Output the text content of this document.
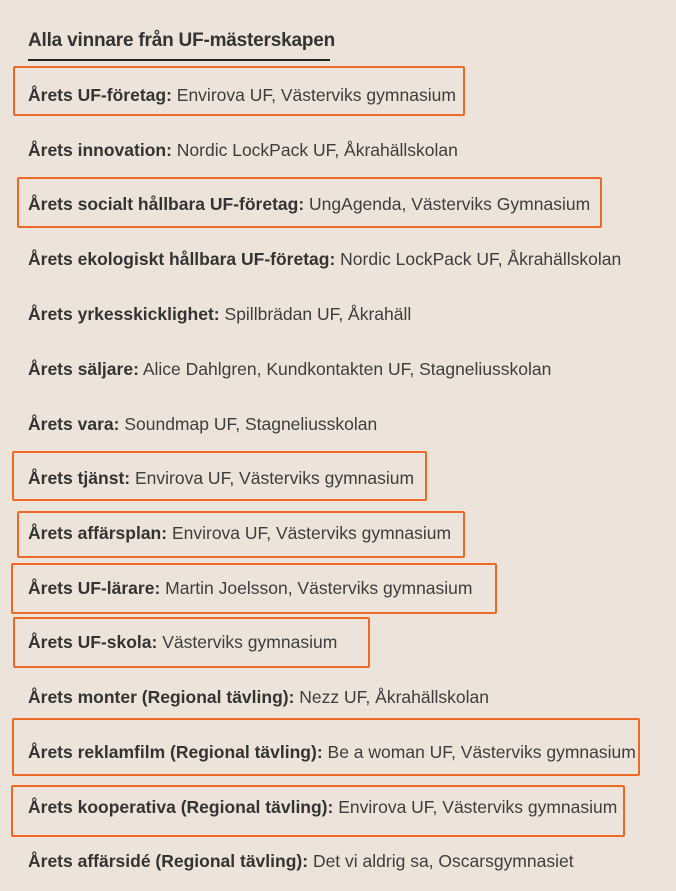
Alla vinnare från UF-mästerskapen
Årets UF-företag: Envirova UF, Västerviks gymnasium
Årets innovation: Nordic LockPack UF, Åkrahällskolan
Årets socialt hållbara UF-företag: UngAgenda, Västerviks Gymnasium
Årets ekologiskt hållbara UF-företag: Nordic LockPack UF, Åkrahällskolan
Årets yrkesskicklighet: Spillbrädan UF, Åkrahäll
Årets säljare: Alice Dahlgren, Kundkontakten UF, Stagneliusskolan
Årets vara: Soundmap UF, Stagneliusskolan
Årets tjänst: Envirova UF, Västerviks gymnasium
Årets affärsplan: Envirova UF, Västerviks gymnasium
Årets UF-lärare: Martin Joelsson, Västerviks gymnasium
Årets UF-skola: Västerviks gymnasium
Årets monter (Regional tävling): Nezz UF, Åkrahällskolan
Årets reklamfilm (Regional tävling): Be a woman UF, Västerviks gymnasium
Årets kooperativa (Regional tävling): Envirova UF, Västerviks gymnasium
Årets affärsidé (Regional tävling): Det vi aldrig sa, Oscarsgymnasiet
